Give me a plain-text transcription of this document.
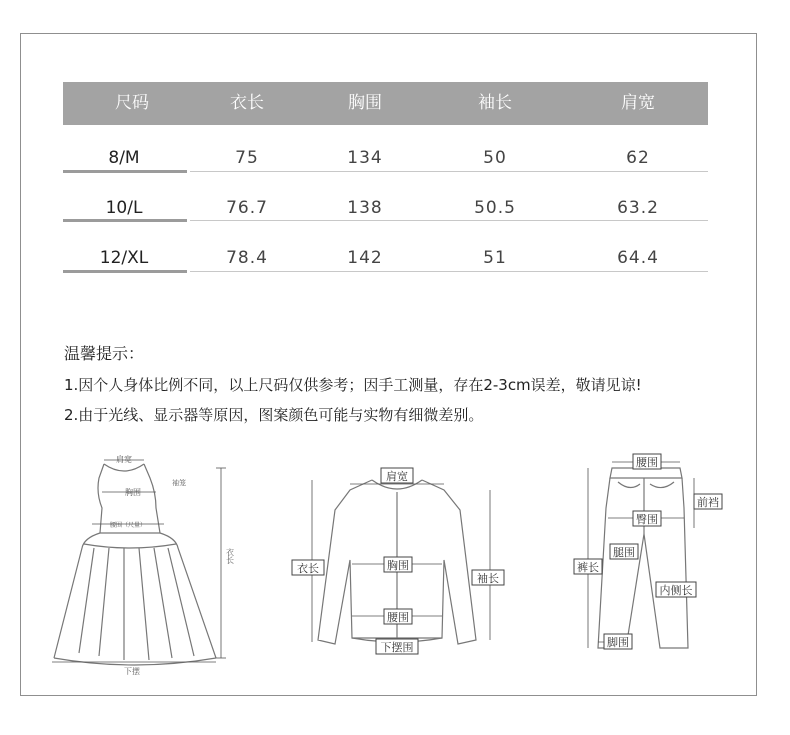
尺码	衣长	胸围	袖长	肩宽
8/M	75	134	50	62
10/L	76.7	138	50.5	63.2
12/XL	78.4	142	51	64.4
温馨提示：
1.因个人身体比例不同，以上尺码仅供参考；因手工测量，存在2-3cm误差，敬请见谅!
2.由于光线、显示器等原因，图案颜色可能与实物有细微差别。
肩宽
胸围
袖笼
腰围（尺量）
衣长
下摆
肩宽
衣长	胸围
袖长
腰围
下摆围
腰围
前裆
臀围
腿围
裤长
内侧长
脚围
